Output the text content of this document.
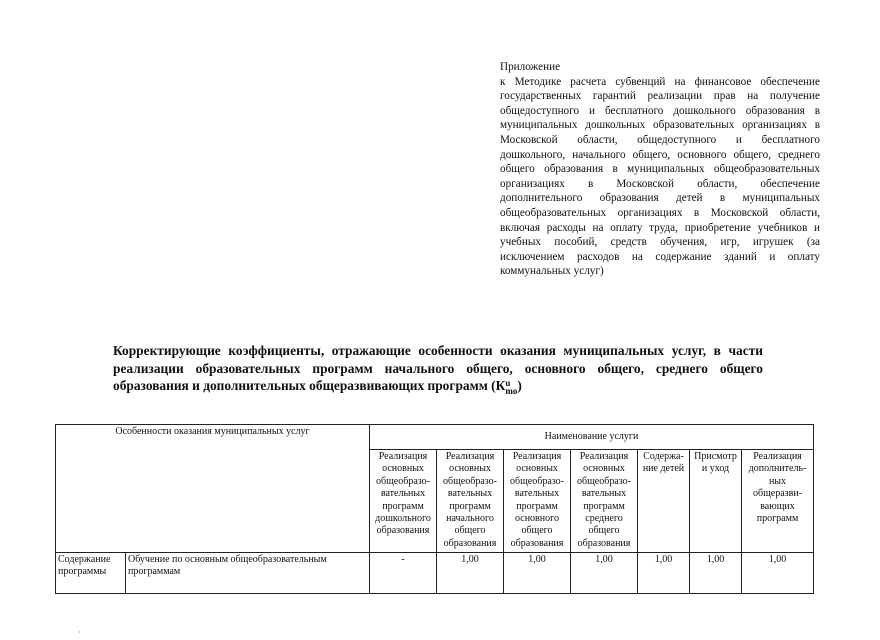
Приложение

к Методике расчета субвенций на финансовое обеспечение государственных гарантий реализации прав на получение общедоступного и бесплатного дошкольного образования в муниципальных дошкольных образовательных организациях в Московской области, общедоступного и бесплатного дошкольного, начального общего, основного общего, среднего общего образования в муниципальных общеобразовательных организациях в Московской области, обеспечение дополнительного образования детей в муниципальных общеобразовательных организациях в Московской области, включая расходы на оплату труда, приобретение учебников и учебных пособий, средств обучения, игр, игрушек (за исключением расходов на содержание зданий и оплату коммунальных услуг)

Корректирующие коэффициенты, отражающие особенности оказания муниципальных услуг, в части реализации образовательных программ начального общего, основного общего, среднего общего образования и дополнительных общеразвивающих программ (К u
mo )
Особенности оказания муниципальных услуг		Наименование услуги						
		Реализация основных общеобразо-вательных программ дошкольного образования	Реализация основных общеобразо-вательных программ начального общего образования	Реализация основных общеобразо-вательных программ основного общего образования	Реализация основных общеобразо-вательных программ среднего общего образования	Содержа-ние детей	Присмотр и уход	Реализация дополнитель-ных общеразви-вающих программ
Содержание программы	Обучение по основным общеобразовательным программам	-	1,00	1,00	1,00	1,00	1,00	1,00
·
